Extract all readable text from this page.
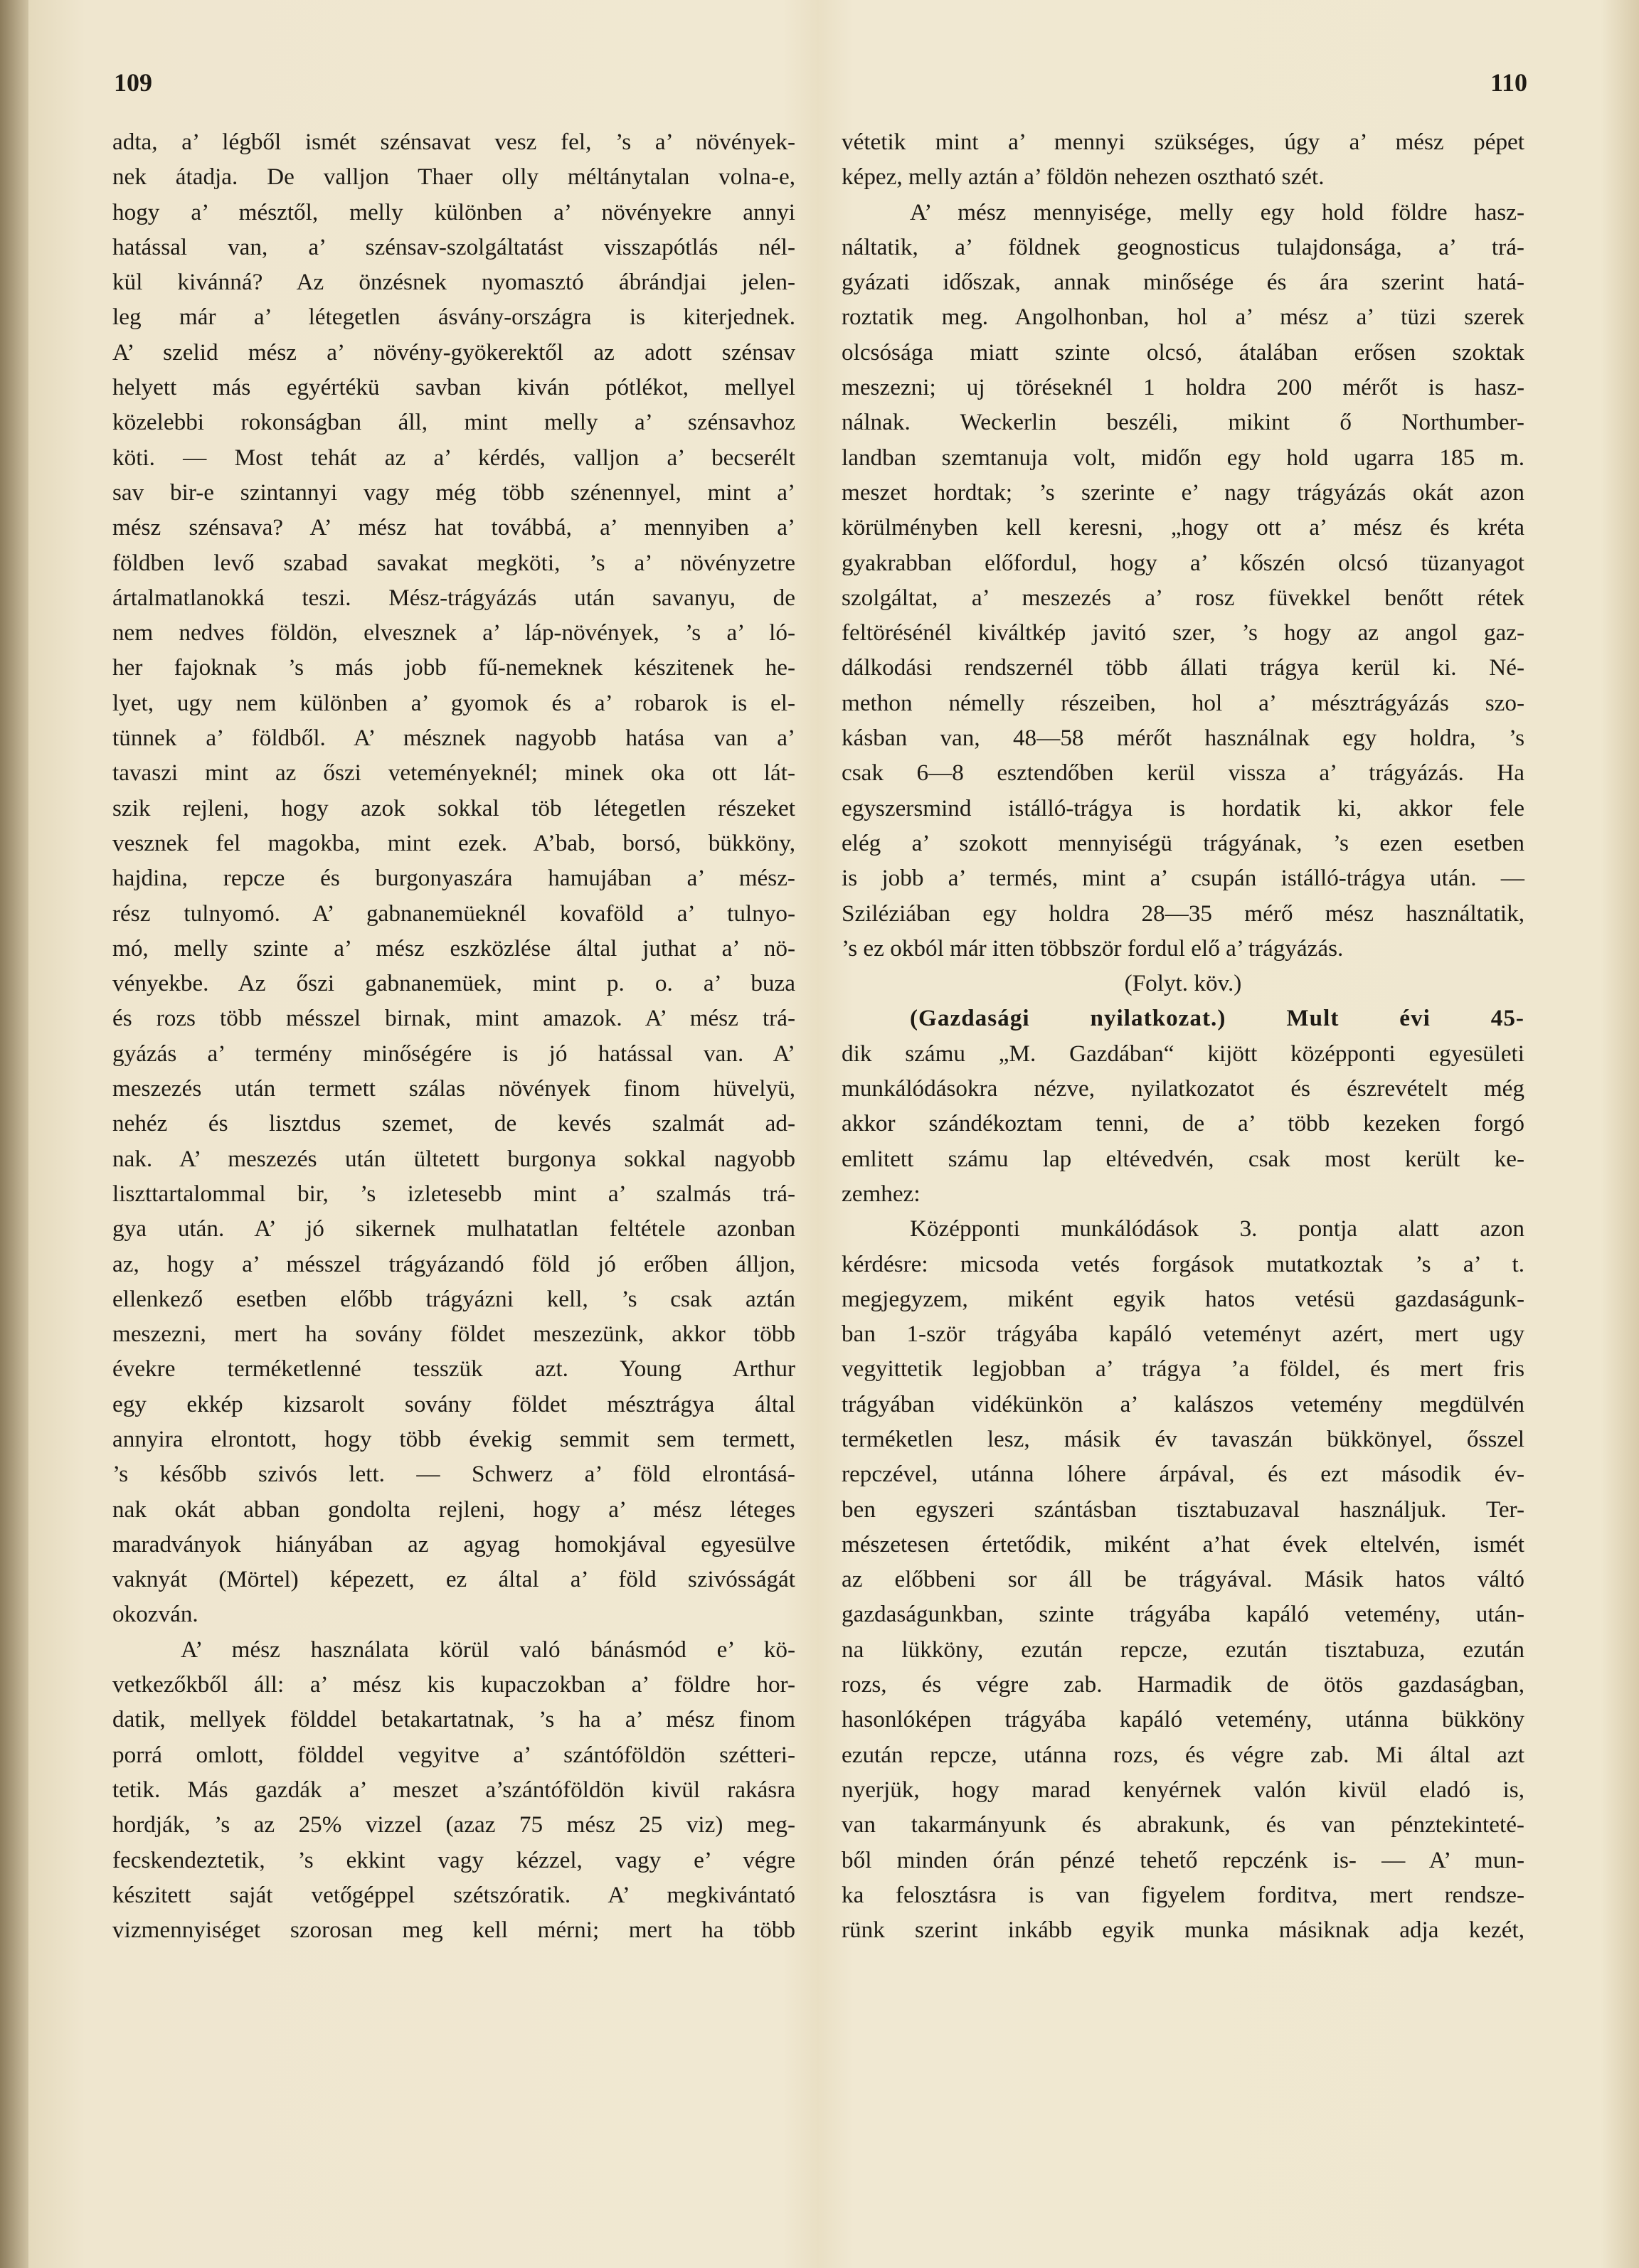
109	110

adta, a’ légből ismét szénsavat vesz fel, ’s a’ növények-

nek átadja. De valljon Thaer olly méltánytalan volna-e,

hogy a’ mésztől, melly különben a’ növényekre annyi

hatással van, a’ szénsav-szolgáltatást visszapótlás nél-

kül kivánná? Az önzésnek nyomasztó ábrándjai jelen-

leg már a’ létegetlen ásvány-országra is kiterjednek.

A’ szelid mész a’ növény-gyökerektől az adott szénsav

helyett más egyértékü savban kiván pótlékot, mellyel

közelebbi rokonságban áll, mint melly a’ szénsavhoz

köti. — Most tehát az a’ kérdés, valljon a’ becserélt

sav bir-e szintannyi vagy még több szénennyel, mint a’

mész szénsava? A’ mész hat továbbá, a’ mennyiben a’

földben levő szabad savakat megköti, ’s a’ növényzetre

ártalmatlanokká teszi. Mész-trágyázás után savanyu, de

nem nedves földön, elvesznek a’ láp-növények, ’s a’ ló-

her fajoknak ’s más jobb fű-nemeknek készitenek he-

lyet, ugy nem különben a’ gyomok és a’ robarok is el-

tünnek a’ földből. A’ mésznek nagyobb hatása van a’

tavaszi mint az őszi veteményeknél; minek oka ott lát-

szik rejleni, hogy azok sokkal töb létegetlen részeket

vesznek fel magokba, mint ezek. A’bab, borsó, bükköny,

hajdina, repcze és burgonyaszára hamujában a’ mész-

rész tulnyomó. A’ gabnanemüeknél kovaföld a’ tulnyo-

mó, melly szinte a’ mész eszközlése által juthat a’ nö-

vényekbe. Az őszi gabnanemüek, mint p. o. a’ buza

és rozs több mésszel birnak, mint amazok. A’ mész trá-

gyázás a’ termény minőségére is jó hatással van. A’

meszezés után termett szálas növények finom hüvelyü,

nehéz és lisztdus szemet, de kevés szalmát ad-

nak. A’ meszezés után ültetett burgonya sokkal nagyobb

liszttartalommal bir, ’s izletesebb mint a’ szalmás trá-

gya után. A’ jó sikernek mulhatatlan feltétele azonban

az, hogy a’ mésszel trágyázandó föld jó erőben álljon,

ellenkező esetben előbb trágyázni kell, ’s csak aztán

meszezni, mert ha sovány földet meszezünk, akkor több

évekre terméketlenné tesszük azt. Young Arthur

egy ekkép kizsarolt sovány földet mésztrágya által

annyira elrontott, hogy több évekig semmit sem termett,

’s később szivós lett. — Schwerz a’ föld elrontásá-

nak okát abban gondolta rejleni, hogy a’ mész léteges

maradványok hiányában az agyag homokjával egyesülve

vaknyát (Mörtel) képezett, ez által a’ föld szivósságát

okozván.

A’ mész használata körül való bánásmód e’ kö-

vetkezőkből áll: a’ mész kis kupaczokban a’ földre hor-

datik, mellyek földdel betakartatnak, ’s ha a’ mész finom

porrá omlott, földdel vegyitve a’ szántóföldön szétteri-

tetik. Más gazdák a’ meszet a’szántóföldön kivül rakásra

hordják, ’s az 25% vizzel (azaz 75 mész 25 viz) meg-

fecskendeztetik, ’s ekkint vagy kézzel, vagy e’ végre

készitett saját vetőgéppel szétszóratik. A’ megkivántató

vizmennyiséget szorosan meg kell mérni; mert ha több

vétetik mint a’ mennyi szükséges, úgy a’ mész pépet

képez, melly aztán a’ földön nehezen osztható szét.

A’ mész mennyisége, melly egy hold földre hasz-

náltatik, a’ földnek geognosticus tulajdonsága, a’ trá-

gyázati időszak, annak minősége és ára szerint hatá-

roztatik meg. Angolhonban, hol a’ mész a’ tüzi szerek

olcsósága miatt szinte olcsó, átalában erősen szoktak

meszezni; uj töréseknél 1 holdra 200 mérőt is hasz-

nálnak. Weckerlin beszéli, mikint ő Northumber-

landban szemtanuja volt, midőn egy hold ugarra 185 m.

meszet hordtak; ’s szerinte e’ nagy trágyázás okát azon

körülményben kell keresni, „hogy ott a’ mész és kréta

gyakrabban előfordul, hogy a’ kőszén olcsó tüzanyagot

szolgáltat, a’ meszezés a’ rosz füvekkel benőtt rétek

feltörésénél kiváltkép javitó szer, ’s hogy az angol gaz-

dálkodási rendszernél több állati trágya kerül ki. Né-

methon némelly részeiben, hol a’ mésztrágyázás szo-

kásban van, 48—58 mérőt használnak egy holdra, ’s

csak 6—8 esztendőben kerül vissza a’ trágyázás. Ha

egyszersmind istálló-trágya is hordatik ki, akkor fele

elég a’ szokott mennyiségü trágyának, ’s ezen esetben

is jobb a’ termés, mint a’ csupán istálló-trágya után. —

Sziléziában egy holdra 28—35 mérő mész használtatik,

’s ez okból már itten többször fordul elő a’ trágyázás.

(Folyt. köv.)

(Gazdasági nyilatkozat.) Mult évi 45-

dik számu „M. Gazdában“ kijött középponti egyesületi

munkálódásokra nézve, nyilatkozatot és észrevételt még

akkor szándékoztam tenni, de a’ több kezeken forgó

emlitett számu lap eltévedvén, csak most került ke-

zemhez:

Középponti munkálódások 3. pontja alatt azon

kérdésre: micsoda vetés forgások mutatkoztak ’s a’ t.

megjegyzem, miként egyik hatos vetésü gazdaságunk-

ban 1-ször trágyába kapáló veteményt azért, mert ugy

vegyittetik legjobban a’ trágya ’a földel, és mert fris

trágyában vidékünkön a’ kalászos vetemény megdülvén

terméketlen lesz, másik év tavaszán bükkönyel, ősszel

repczével, utánna lóhere árpával, és ezt második év-

ben egyszeri szántásban tisztabuzaval használjuk. Ter-

mészetesen értetődik, miként a’hat évek eltelvén, ismét

az előbbeni sor áll be trágyával. Másik hatos váltó

gazdaságunkban, szinte trágyába kapáló vetemény, után-

na lükköny, ezután repcze, ezután tisztabuza, ezután

rozs, és végre zab. Harmadik de ötös gazdaságban,

hasonlóképen trágyába kapáló vetemény, utánna bükköny

ezután repcze, utánna rozs, és végre zab. Mi által azt

nyerjük, hogy marad kenyérnek valón kivül eladó is,

van takarmányunk és abrakunk, és van pénztekinteté-

ből minden órán pénzé tehető repczénk is- — A’ mun-

ka felosztásra is van figyelem forditva, mert rendsze-

rünk szerint inkább egyik munka másiknak adja kezét,
